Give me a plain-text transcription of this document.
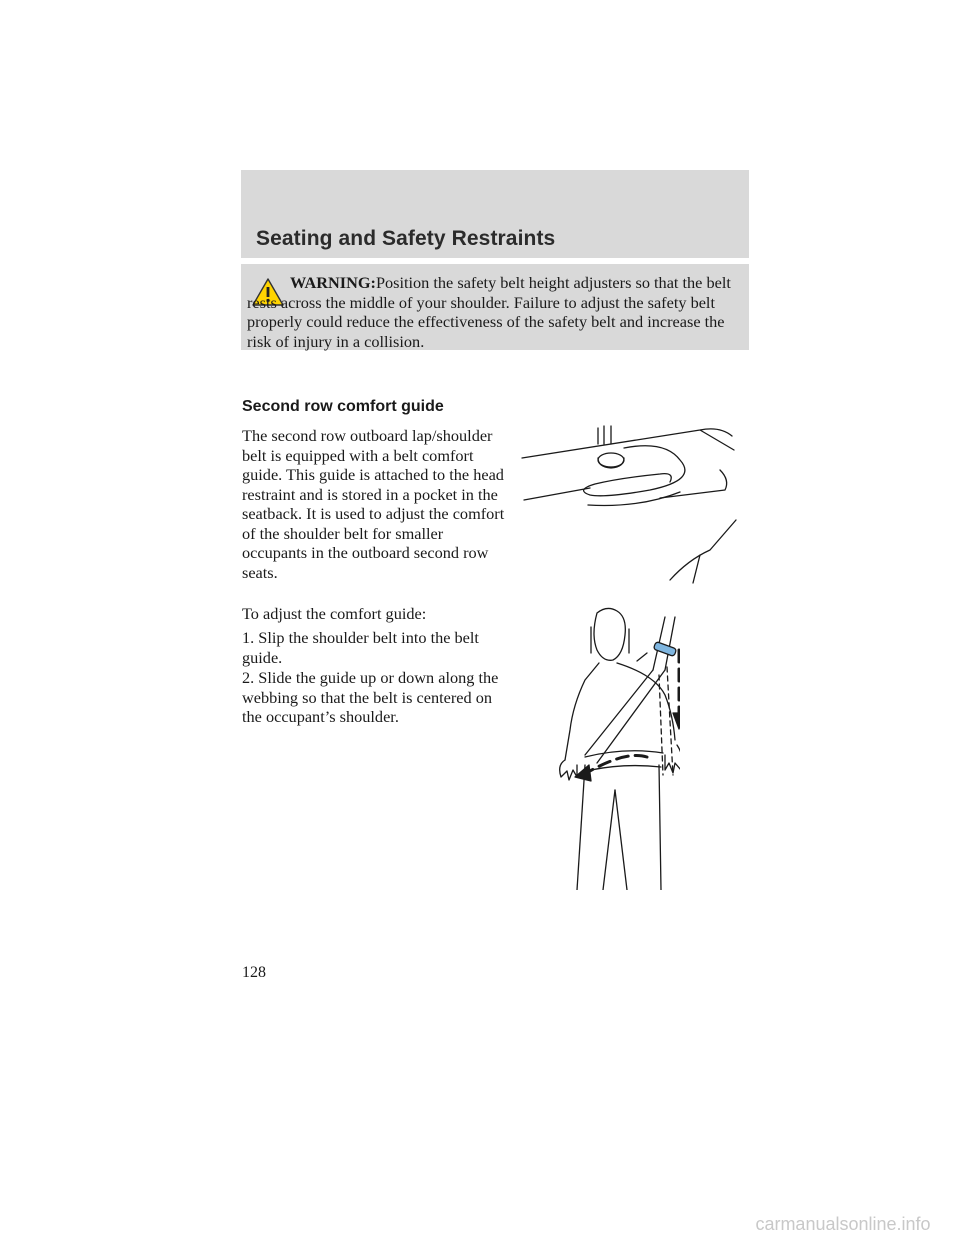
Seating and Safety Restraints
WARNING:Position the safety belt height adjusters so that the belt rests across the middle of your shoulder. Failure to adjust the safety belt properly could reduce the effectiveness of the safety belt and increase the risk of injury in a collision.
Second row comfort guide

The second row outboard lap/shoulder belt is equipped with a belt comfort guide. This guide is attached to the head restraint and is stored in a pocket in the seatback. It is used to adjust the comfort of the shoulder belt for smaller occupants in the outboard second row seats.

To adjust the comfort guide:

1. Slip the shoulder belt into the belt guide.

2. Slide the guide up or down along the webbing so that the belt is centered on the occupant’s shoulder.

128
carmanualsonline.info
